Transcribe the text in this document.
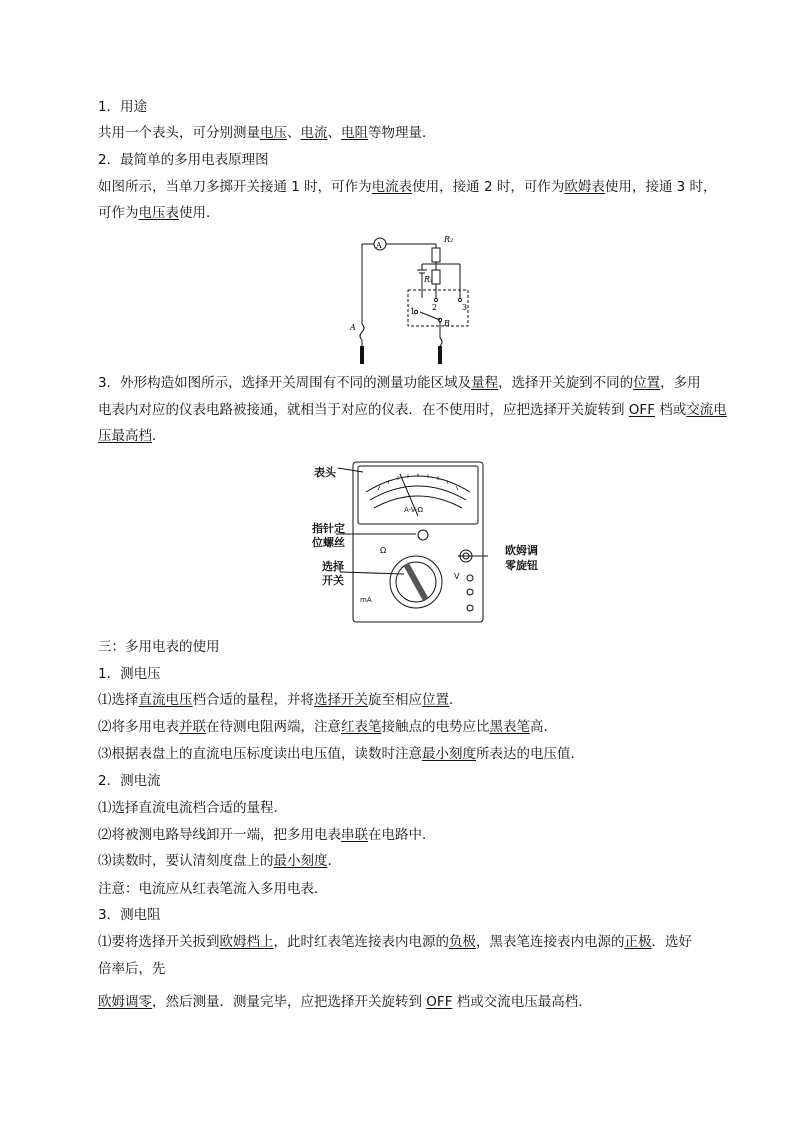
1．用途
共用一个表头，可分别测量电压、电流、电阻等物理量．
2．最简单的多用电表原理图
如图所示，当单刀多掷开关接通 1 时，可作为电流表使用，接通 2 时，可作为欧姆表使用，接通 3 时，
可作为电压表使用．
3．外形构造如图所示，选择开关周围有不同的测量功能区域及量程，选择开关旋到不同的位置，多用
电表内对应的仪表电路被接通，就相当于对应的仪表．在不使用时，应把选择开关旋转到 OFF 档或交流电
压最高档．
三：多用电表的使用
1．测电压
⑴选择直流电压档合适的量程，并将选择开关旋至相应位置．
⑵将多用电表并联在待测电阻两端，注意红表笔接触点的电势应比黑表笔高．
⑶根据表盘上的直流电压标度读出电压值，读数时注意最小刻度所表达的电压值．
2．测电流
⑴选择直流电流档合适的量程．
⑵将被测电路导线卸开一端，把多用电表串联在电路中．
⑶读数时，要认清刻度盘上的最小刻度．
注意：电流应从红表笔流入多用电表．
3．测电阻
⑴要将选择开关扳到欧姆档上，此时红表笔连接表内电源的负极，黑表笔连接表内电源的正极．选好
倍率后，先
欧姆调零，然后测量．测量完毕，应把选择开关旋转到 OFF 档或交流电压最高档．
A
R₂
R₁
1 2	3
A	B
表头
指针定
位螺丝
选择
开关
A-V-Ω
Ω
V
mA
欧姆调
零旋钮
